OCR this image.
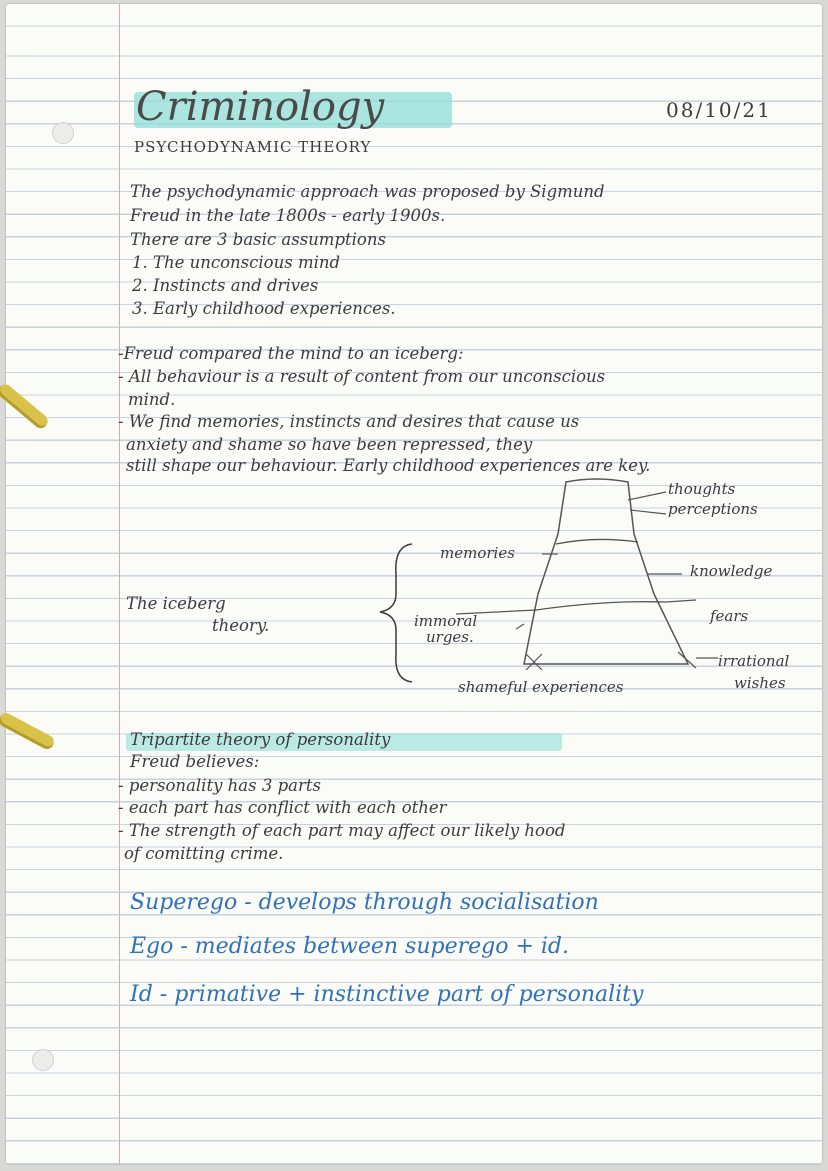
Criminology	08/10/21
PSYCHODYNAMIC THEORY
The psychodynamic approach was proposed by Sigmund
Freud in the late 1800s - early 1900s.
There are 3 basic assumptions
1. The unconscious mind
2. Instincts and drives
3. Early childhood experiences.
-Freud compared the mind to an iceberg:
- All behaviour is a result of content from our unconscious
mind.
- We find memories, instincts and desires that cause us
anxiety and shame so have been repressed, they
still shape our behaviour. Early childhood experiences are key.
The iceberg
theory.
thoughts
perceptions
memories
knowledge
immoral
urges.
fears
irrational
wishes
shameful experiences
Tripartite theory of personality
Freud believes:
- personality has 3 parts
- each part has conflict with each other
- The strength of each part may affect our likely hood
of comitting crime.
Superego - develops through socialisation
Ego - mediates between superego + id.
Id - primative + instinctive part of personality
